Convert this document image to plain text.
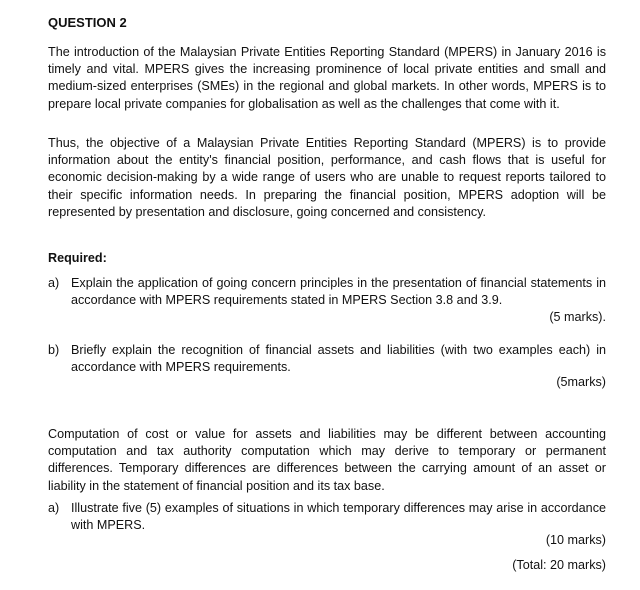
QUESTION 2

The introduction of the Malaysian Private Entities Reporting Standard (MPERS) in January 2016 is timely and vital. MPERS gives the increasing prominence of local private entities and small and medium-sized enterprises (SMEs) in the regional and global markets. In other words, MPERS is to prepare local private companies for globalisation as well as the challenges that come with it.

Thus, the objective of a Malaysian Private Entities Reporting Standard (MPERS) is to provide information about the entity's financial position, performance, and cash flows that is useful for economic decision-making by a wide range of users who are unable to request reports tailored to their specific information needs. In preparing the financial position, MPERS adoption will be represented by presentation and disclosure, going concerned and consistency.

Required:
a) Explain the application of going concern principles in the presentation of financial statements in accordance with MPERS requirements stated in MPERS Section 3.8 and 3.9.
(5 marks).
b) Briefly explain the recognition of financial assets and liabilities (with two examples each) in accordance with MPERS requirements.
(5marks)

Computation of cost or value for assets and liabilities may be different between accounting computation and tax authority computation which may derive to temporary or permanent differences. Temporary differences are differences between the carrying amount of an asset or liability in the statement of financial position and its tax base.

a) Illustrate five (5) examples of situations in which temporary differences may arise in accordance with MPERS.
(10 marks)
(Total: 20 marks)
